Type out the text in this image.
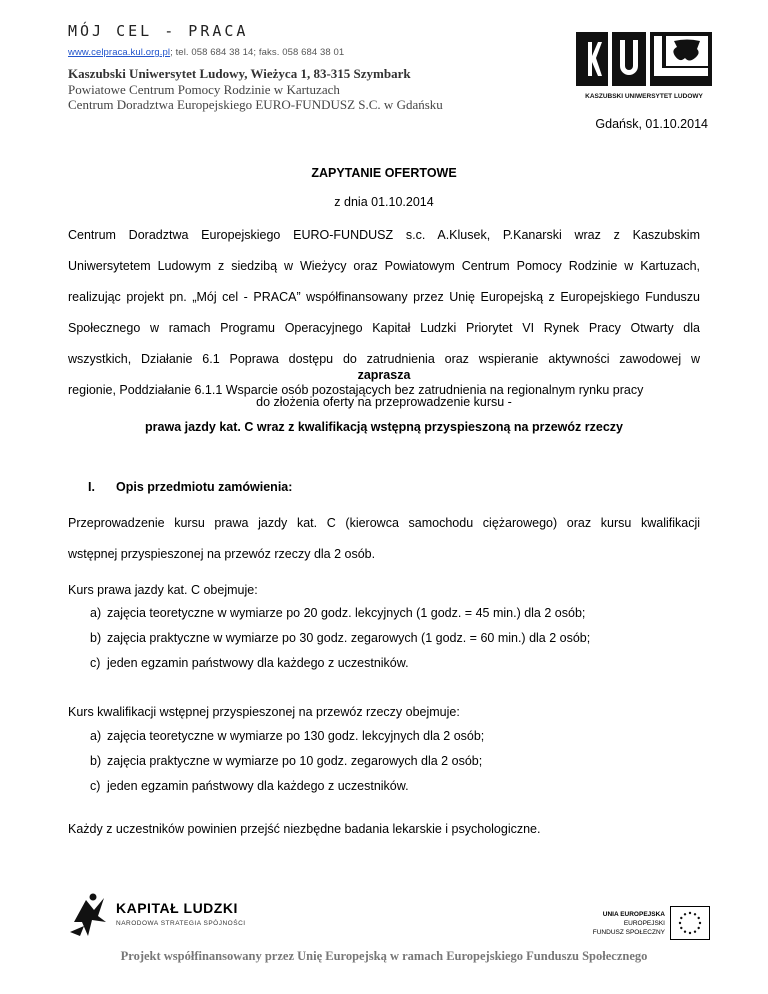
MÓJ CEL - PRACA
www.celpraca.kul.org.pl; tel. 058 684 38 14; faks. 058 684 38 01
Kaszubski Uniwersytet Ludowy, Wieżyca 1, 83-315 Szymbark
Powiatowe Centrum Pomocy Rodzinie w Kartuzach
Centrum Doradztwa Europejskiego EURO-FUNDUSZ S.C. w Gdańsku
KASZUBSKI UNIWERSYTET LUDOWY
Gdańsk, 01.10.2014
ZAPYTANIE OFERTOWE
z dnia 01.10.2014
Centrum Doradztwa Europejskiego EURO-FUNDUSZ s.c. A.Klusek, P.Kanarski wraz z Kaszubskim
Uniwersytetem Ludowym z siedzibą w Wieżycy oraz Powiatowym Centrum Pomocy Rodzinie w Kartuzach,
realizując projekt pn. „Mój cel - PRACA” współfinansowany przez Unię Europejską z Europejskiego Funduszu
Społecznego w ramach Programu Operacyjnego Kapitał Ludzki Priorytet VI Rynek Pracy Otwarty dla
wszystkich, Działanie 6.1 Poprawa dostępu do zatrudnienia oraz wspieranie aktywności zawodowej w
regionie, Poddziałanie 6.1.1 Wsparcie osób pozostających bez zatrudnienia na regionalnym rynku pracy
zaprasza
do złożenia oferty na przeprowadzenie kursu -
prawa jazdy kat. C wraz z kwalifikacją wstępną przyspieszoną na przewóz rzeczy
I. Opis przedmiotu zamówienia:
Przeprowadzenie kursu prawa jazdy kat. C (kierowca samochodu ciężarowego) oraz kursu kwalifikacji
wstępnej przyspieszonej na przewóz rzeczy dla 2 osób.
Kurs prawa jazdy kat. C obejmuje:
a) zajęcia teoretyczne w wymiarze po 20 godz. lekcyjnych (1 godz. = 45 min.) dla 2 osób;
b) zajęcia praktyczne w wymiarze po 30 godz. zegarowych (1 godz. = 60 min.) dla 2 osób;
c) jeden egzamin państwowy dla każdego z uczestników.
Kurs kwalifikacji wstępnej przyspieszonej na przewóz rzeczy obejmuje:
a) zajęcia teoretyczne w wymiarze po 130 godz. lekcyjnych dla 2 osób;
b) zajęcia praktyczne w wymiarze po 10 godz. zegarowych dla 2 osób;
c) jeden egzamin państwowy dla każdego z uczestników.
Każdy z uczestników powinien przejść niezbędne badania lekarskie i psychologiczne.
KAPITAŁ LUDZKI
NARODOWA STRATEGIA SPÓJNOŚCI
UNIA EUROPEJSKA
EUROPEJSKI
FUNDUSZ SPOŁECZNY
Projekt współfinansowany przez Unię Europejską w ramach Europejskiego Funduszu Społecznego
